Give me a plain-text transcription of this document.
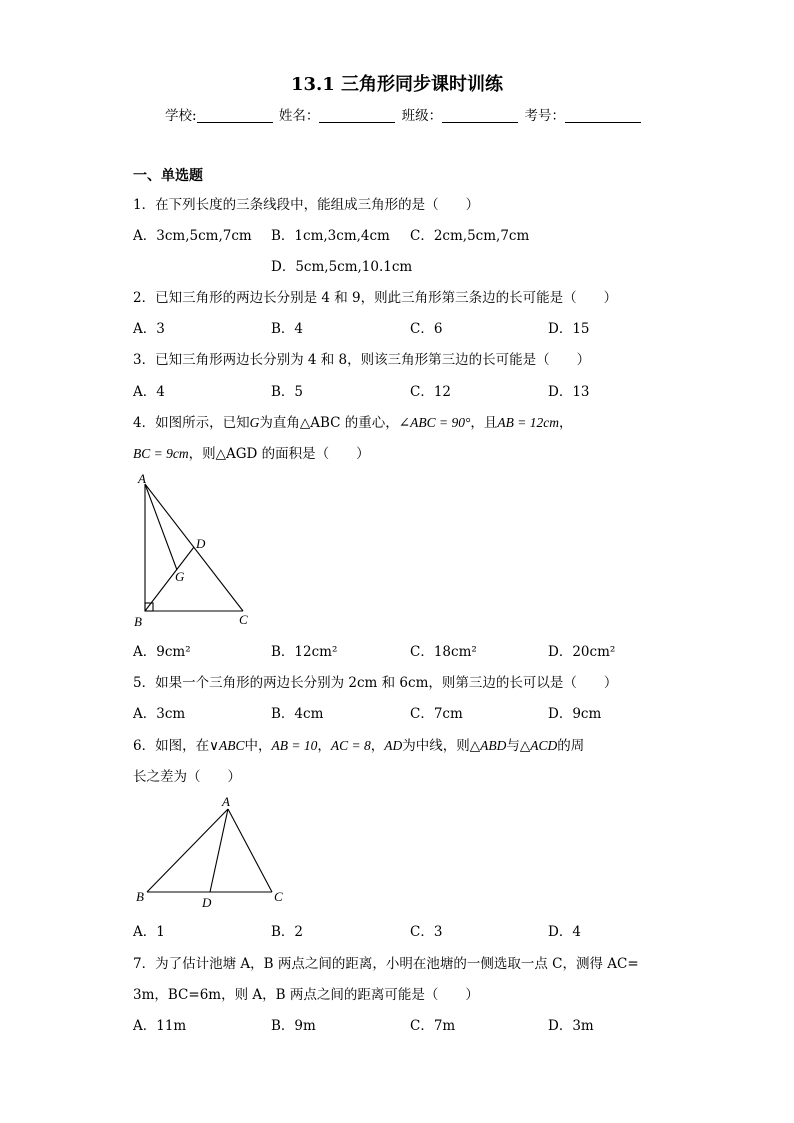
13.1 三角形同步课时训练
学校:	姓名：	班级：	考号：
一、单选题
1．在下列长度的三条线段中，能组成三角形的是（　　）
A．3cm,5cm,7cm B．1cm,3cm,4cm C．2cm,5cm,7cm
D．5cm,5cm,10.1cm
2．已知三角形的两边长分别是 4 和 9，则此三角形第三条边的长可能是（　　）
A．3	B．4	C．6	D．15
3．已知三角形两边长分别为 4 和 8，则该三角形第三边的长可能是（　　）
A．4	B．5	C．12	D．13
4．如图所示，已知G为直角△ABC 的重心，∠ABC = 90°，且AB = 12cm，
BC = 9cm，则△AGD 的面积是（　　）
A
B	C
D
G
A．9cm²	B．12cm²	C．18cm²	D．20cm²
5．如果一个三角形的两边长分别为 2cm 和 6cm，则第三边的长可以是（　　）
A．3cm	B．4cm	C．7cm	D．9cm
6．如图，在∨ABC中，AB = 10，AC = 8，AD为中线，则△ABD与△ACD的周
长之差为（　　）
A
B	C
D
A．1	B．2	C．3	D．4
7．为了估计池塘 A，B 两点之间的距离，小明在池塘的一侧选取一点 C，测得 AC=
3m，BC=6m，则 A，B 两点之间的距离可能是（　　）
A．11m	B．9m	C．7m	D．3m
